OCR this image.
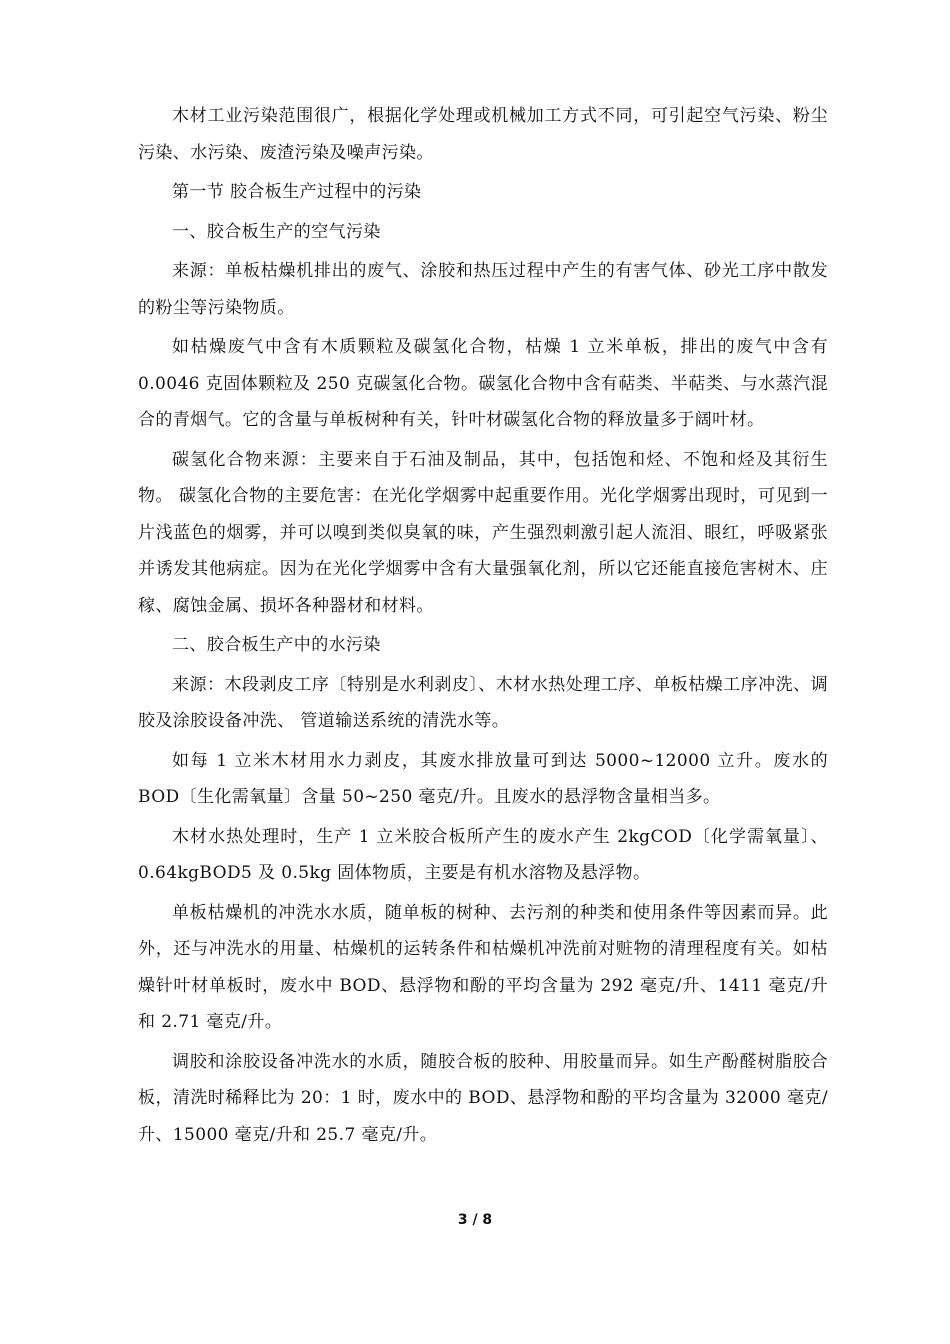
木材工业污染范围很广，根据化学处理或机械加工方式不同，可引起空气污染、粉尘污染、水污染、废渣污染及噪声污染。

第一节 胶合板生产过程中的污染

一、胶合板生产的空气污染

来源：单板枯燥机排出的废气、涂胶和热压过程中产生的有害气体、砂光工序中散发的粉尘等污染物质。

如枯燥废气中含有木质颗粒及碳氢化合物，枯燥 1 立米单板，排出的废气中含有 0.0046 克固体颗粒及 250 克碳氢化合物。碳氢化合物中含有萜类、半萜类、与水蒸汽混合的青烟气。它的含量与单板树种有关，针叶材碳氢化合物的释放量多于阔叶材。

碳氢化合物来源：主要来自于石油及制品，其中，包括饱和烃、不饱和烃及其衍生物。 碳氢化合物的主要危害：在光化学烟雾中起重要作用。光化学烟雾出现时，可见到一片浅蓝色的烟雾，并可以嗅到类似臭氧的味，产生强烈刺激引起人流泪、眼红，呼吸紧张并诱发其他病症。因为在光化学烟雾中含有大量强氧化剂，所以它还能直接危害树木、庄稼、腐蚀金属、损坏各种器材和材料。

二、胶合板生产中的水污染

来源：木段剥皮工序〔特别是水利剥皮〕、木材水热处理工序、单板枯燥工序冲洗、调胶及涂胶设备冲洗、 管道输送系统的清洗水等。

如每 1 立米木材用水力剥皮，其废水排放量可到达 5000~12000 立升。废水的 BOD〔生化需氧量〕含量 50~250 毫克/升。且废水的悬浮物含量相当多。

木材水热处理时，生产 1 立米胶合板所产生的废水产生 2kgCOD〔化学需氧量〕、0.64kgBOD5 及 0.5kg 固体物质，主要是有机水溶物及悬浮物。

单板枯燥机的冲洗水水质，随单板的树种、去污剂的种类和使用条件等因素而异。此外，还与冲洗水的用量、枯燥机的运转条件和枯燥机冲洗前对赃物的清理程度有关。如枯燥针叶材单板时，废水中 BOD、悬浮物和酚的平均含量为 292 毫克/升、1411 毫克/升和 2.71 毫克/升。

调胶和涂胶设备冲洗水的水质，随胶合板的胶种、用胶量而异。如生产酚醛树脂胶合板，清洗时稀释比为 20：1 时，废水中的 BOD、悬浮物和酚的平均含量为 32000 毫克/升、15000 毫克/升和 25.7 毫克/升。

3 / 8
